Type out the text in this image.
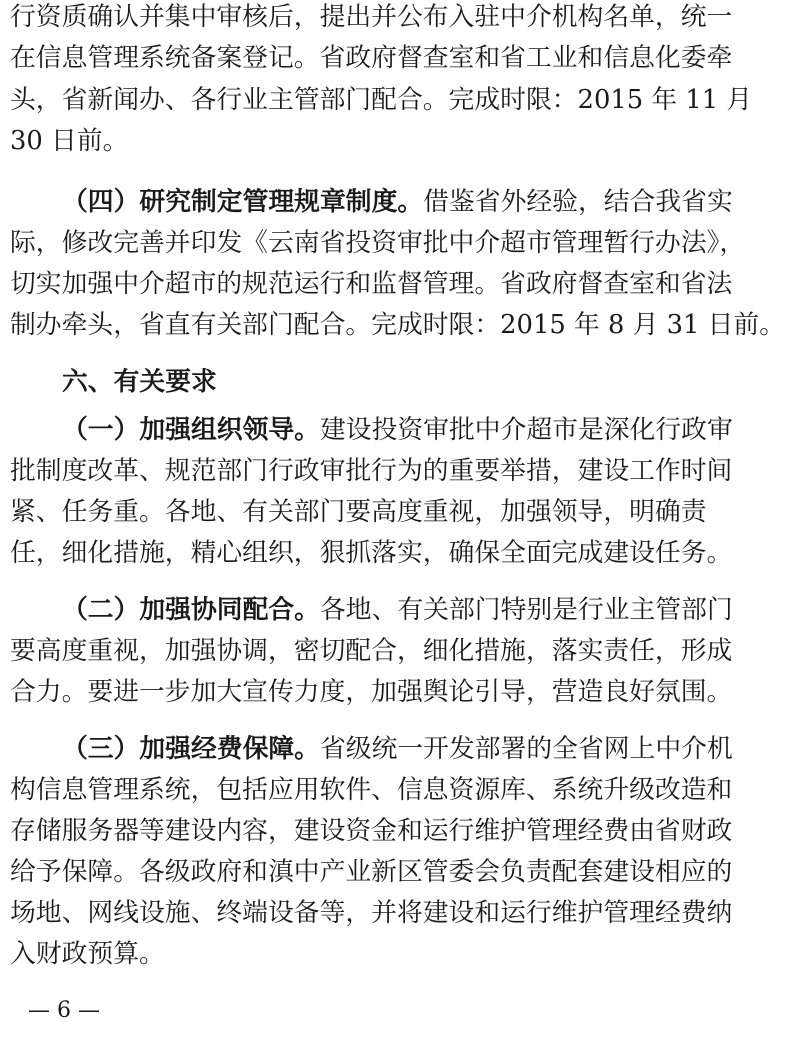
行资质确认并集中审核后，提出并公布入驻中介机构名单，统一
在信息管理系统备案登记。省政府督查室和省工业和信息化委牵
头，省新闻办、各行业主管部门配合。完成时限：2015 年 11 月
30 日前。
（四）研究制定管理规章制度。借鉴省外经验，结合我省实
际，修改完善并印发《云南省投资审批中介超市管理暂行办法》，
切实加强中介超市的规范运行和监督管理。省政府督查室和省法
制办牵头，省直有关部门配合。完成时限：2015 年 8 月 31 日前。
六、有关要求
（一）加强组织领导。建设投资审批中介超市是深化行政审
批制度改革、规范部门行政审批行为的重要举措，建设工作时间
紧、任务重。各地、有关部门要高度重视，加强领导，明确责
任，细化措施，精心组织，狠抓落实，确保全面完成建设任务。
（二）加强协同配合。各地、有关部门特别是行业主管部门
要高度重视，加强协调，密切配合，细化措施，落实责任，形成
合力。要进一步加大宣传力度，加强舆论引导，营造良好氛围。
（三）加强经费保障。省级统一开发部署的全省网上中介机
构信息管理系统，包括应用软件、信息资源库、系统升级改造和
存储服务器等建设内容，建设资金和运行维护管理经费由省财政
给予保障。各级政府和滇中产业新区管委会负责配套建设相应的
场地、网线设施、终端设备等，并将建设和运行维护管理经费纳
入财政预算。
— 6 —
